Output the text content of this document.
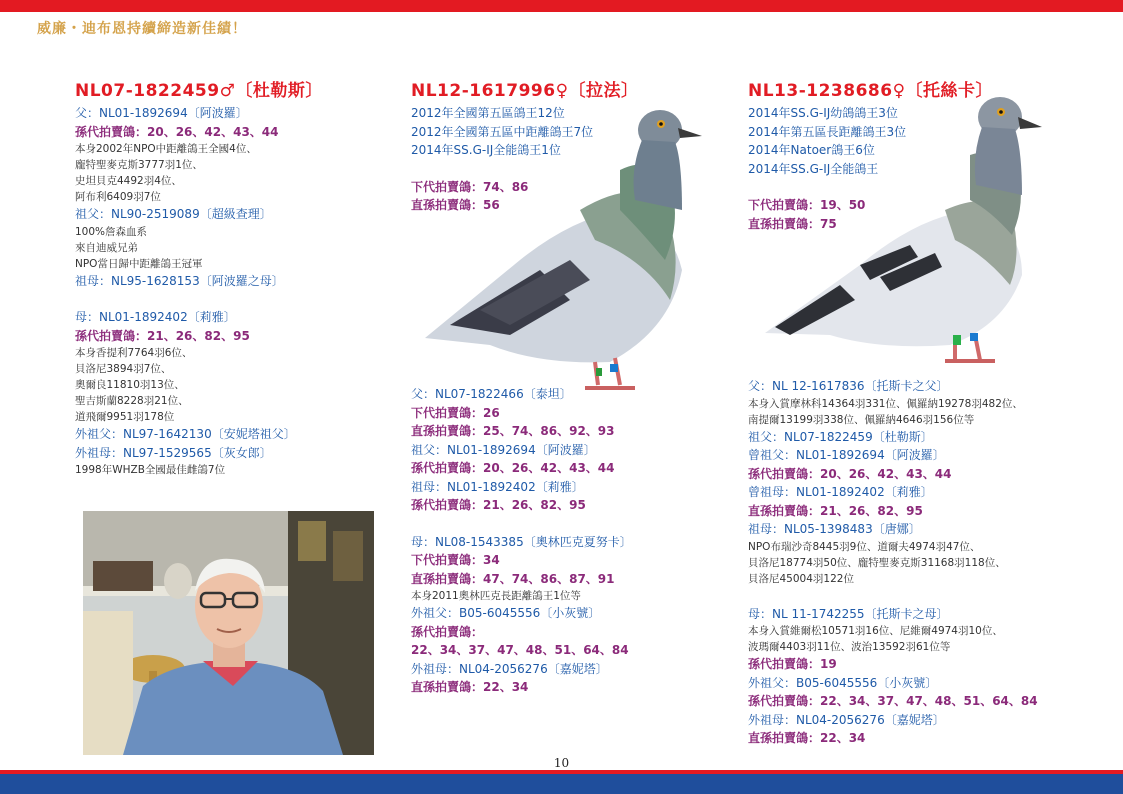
威廉・迪布恩持續締造新佳績！
NL07-1822459♂〔杜勒斯〕
父：NL01-1892694〔阿波羅〕
孫代拍賣鴿：20、26、42、43、44
本身2002年NPO中距離鴿王全國4位、
龐特聖麥克斯3777羽1位、
史坦貝克4492羽4位、
阿布利6409羽7位
祖父：NL90-2519089〔超級查理〕
100%詹森血系
來自迪威兄弟
NPO當日歸中距離鴿王冠軍
祖母：NL95-1628153〔阿波羅之母〕
母：NL01-1892402〔莉雅〕
孫代拍賣鴿：21、26、82、95
本身香提利7764羽6位、
貝洛尼3894羽7位、
奧爾良11810羽13位、
聖吉斯蘭8228羽21位、
道飛爾9951羽178位
外祖父：NL97-1642130〔安妮塔祖父〕
外祖母：NL97-1529565〔灰女郎〕
1998年WHZB全國最佳雌鴿7位
NL12-1617996♀〔拉法〕
2012年全國第五區鴿王12位
2012年全國第五區中距離鴿王7位
2014年SS.G-IJ全能鴿王1位
下代拍賣鴿：74、86
直孫拍賣鴿：56
父：NL07-1822466〔泰坦〕
下代拍賣鴿：26
直孫拍賣鴿：25、74、86、92、93
祖父：NL01-1892694〔阿波羅〕
孫代拍賣鴿：20、26、42、43、44
祖母：NL01-1892402〔莉雅〕
孫代拍賣鴿：21、26、82、95
母：NL08-1543385〔奧林匹克夏努卡〕
下代拍賣鴿：34
直孫拍賣鴿：47、74、86、87、91
本身2011奧林匹克長距離鴿王1位等
外祖父：B05-6045556〔小灰號〕
孫代拍賣鴿：
22、34、37、47、48、51、64、84
外祖母：NL04-2056276〔嘉妮塔〕
直孫拍賣鴿：22、34
NL13-1238686♀〔托絲卡〕
2014年SS.G-IJ幼鴿鴿王3位
2014年第五區長距離鴿王3位
2014年Natoer鴿王6位
2014年SS.G-IJ全能鴿王
下代拍賣鴿：19、50
直孫拍賣鴿：75
父：NL 12-1617836〔托斯卡之父〕
本身入賞摩林科14364羽331位、佩羅納19278羽482位、
南提爾13199羽338位、佩羅納4646羽156位等
祖父：NL07-1822459〔杜勒斯〕
曾祖父：NL01-1892694〔阿波羅〕
孫代拍賣鴿：20、26、42、43、44
曾祖母：NL01-1892402〔莉雅〕
直孫拍賣鴿：21、26、82、95
祖母：NL05-1398483〔唐娜〕
NPO布瑞沙奇8445羽9位、道爾夫4974羽47位、
貝洛尼18774羽50位、龐特聖麥克斯31168羽118位、
貝洛尼45004羽122位
母：NL 11-1742255〔托斯卡之母〕
本身入賞維爾松10571羽16位、尼維爾4974羽10位、
波瑪爾4403羽11位、波治13592羽61位等
孫代拍賣鴿：19
外祖父：B05-6045556〔小灰號〕
孫代拍賣鴿：22、34、37、47、48、51、64、84
外祖母：NL04-2056276〔嘉妮塔〕
直孫拍賣鴿：22、34
10
